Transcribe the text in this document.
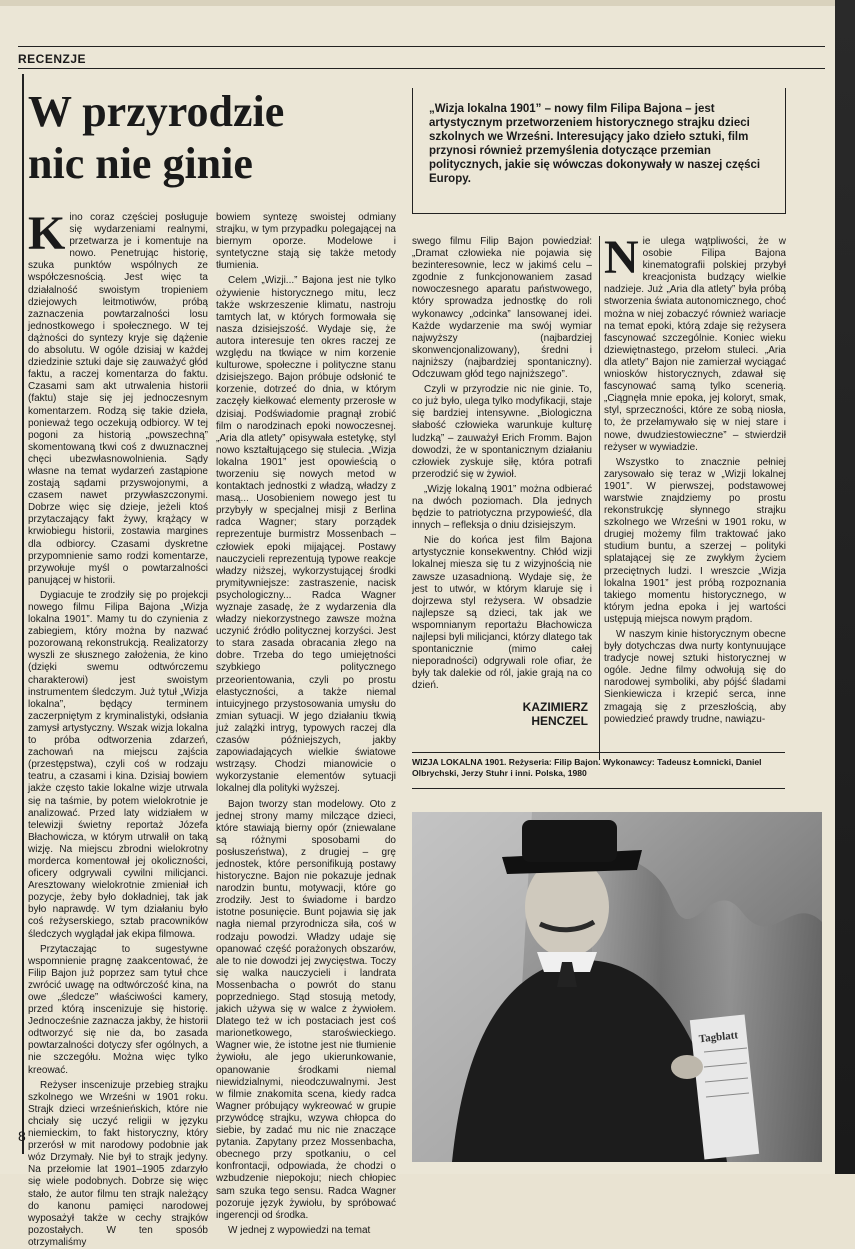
RECENZJE
W przyrodzie
nic nie ginie
„Wizja lokalna 1901” – nowy film Filipa Bajona – jest artystycznym przetworzeniem historycznego strajku dzieci szkolnych we Wrześni. Interesujący jako dzieło sztuki, film przynosi również przemyślenia dotyczące przemian politycznych, jakie się wówczas dokonywały w naszej części Europy.

Kino coraz częściej posługuje się wydarzeniami realnymi, przetwarza je i komentuje na nowo. Penetrując historię, szuka punktów wspólnych ze współczesnością. Jest więc ta działalność swoistym tropieniem dziejowych leitmotiwów, próbą zaznaczenia powtarzalności losu jednostkowego i społecznego. W tej dążności do syntezy kryje się dążenie do absolutu. W ogóle dzisiaj w każdej dziedzinie sztuki daje się zauważyć głód faktu, a raczej komentarza do faktu. Czasami sam akt utrwalenia historii (faktu) staje się jej jednoczesnym komentarzem. Rodzą się takie dzieła, ponieważ tego oczekują odbiorcy. W tej pogoni za historią „powszechną” skomentowaną tkwi coś z dwuznacznej chęci ubezwłasnowolnienia. Sądy własne na temat wydarzeń zastąpione zostają sądami przyswojonymi, a czasem nawet przywłaszczonymi. Dobrze więc się dzieje, jeżeli ktoś przytaczający fakt żywy, krążący w krwiobiegu historii, zostawia margines dla odbiorcy. Czasami dyskretne przypomnienie samo rodzi komentarze, przywołuje myśl o powtarzalności panującej w historii.

Dygiacuje te zrodziły się po projekcji nowego filmu Filipa Bajona „Wizja lokalna 1901”. Mamy tu do czynienia z zabiegiem, który można by nazwać pozorowaną rekonstrukcją. Realizatorzy wyszli ze słusznego założenia, że kino (dzięki swemu odtwórczemu charakterowi) jest swoistym instrumentem śledczym. Już tytuł „Wizja lokalna”, będący terminem zaczerpniętym z kryminalistyki, odsłania zamysł artystyczny. Wszak wizja lokalna to próba odtworzenia zdarzeń, zachowań na miejscu zajścia (przestępstwa), czyli coś w rodzaju teatru, a czasami i kina. Dzisiaj bowiem jakże często takie lokalne wizje utrwala się na taśmie, by potem wielokrotnie je analizować. Przed laty widziałem w telewizji świetny reportaż Józefa Błachowicza, w którym utrwalił on taką wizję. Na miejscu zbrodni wielokrotny morderca komentował jej okoliczności, oficery odgrywali cywilni milicjanci. Aresztowany wielokrotnie zmieniał ich pozycje, żeby było dokładniej, tak jak było naprawdę. W tym działaniu było coś reżyserskiego, sztab pracowników śledczych wyglądał jak ekipa filmowa.

Przytaczając to sugestywne wspomnienie pragnę zaakcentować, że Filip Bajon już poprzez sam tytuł chce zwrócić uwagę na odtwórczość kina, na owe „śledcze” właściwości kamery, przed którą inscenizuje się historię. Jednocześnie zaznacza jakby, że historii odtworzyć się nie da, bo zasada powtarzalności dotyczy sfer ogólnych, a nie szczegółu. Można więc tylko kreować.

Reżyser inscenizuje przebieg strajku szkolnego we Wrześni w 1901 roku. Strajk dzieci wrześnieńskich, które nie chciały się uczyć religii w języku niemieckim, to fakt historyczny, który przerósł w mit narodowy podobnie jak wóz Drzymały. Nie był to strajk jedyny. Na przełomie lat 1901–1905 zdarzyło się wiele podobnych. Dobrze się więc stało, że autor filmu ten strajk należący do kanonu pamięci narodowej wyposażył także w cechy strajków pozostałych. W ten sposób otrzymaliśmy

bowiem syntezę swoistej odmiany strajku, w tym przypadku polegającej na biernym oporze. Modelowe i syntetyczne stają się także metody tłumienia.

Celem „Wizji...” Bajona jest nie tylko ożywienie historycznego mitu, lecz także wskrzeszenie klimatu, nastroju tamtych lat, w których formowała się nasza dzisiejszość. Wydaje się, że autora interesuje ten okres raczej ze względu na tkwiące w nim korzenie kulturowe, społeczne i polityczne stanu dzisiejszego. Bajon próbuje odsłonić te korzenie, dotrzeć do dnia, w którym zaczęły kiełkować elementy przerosłe w dzisiaj. Podświadomie pragnął zrobić film o narodzinach epoki nowoczesnej. „Aria dla atlety” opisywała estetykę, styl nowo kształtującego się stulecia. „Wizja lokalna 1901” jest opowieścią o tworzeniu się nowych metod w kontaktach jednostki z władzą, władzy z masą... Uosobieniem nowego jest tu przybyły w specjalnej misji z Berlina radca Wagner; stary porządek reprezentuje burmistrz Mossenbach – człowiek epoki mijającej. Postawy nauczycieli reprezentują typowe reakcje władzy niższej, wykorzystującej środki prymitywniejsze: zastraszenie, nacisk psychologiczny... Radca Wagner wyznaje zasadę, że z wydarzenia dla władzy niekorzystnego zawsze można uczynić źródło politycznej korzyści. Jest to stara zasada obracania złego na dobre. Trzeba do tego umiejętności szybkiego politycznego przeorientowania, czyli po prostu elastyczności, a także niemal intuicyjnego przystosowania umysłu do zmian sytuacji. W jego działaniu tkwią już zalążki intryg, typowych raczej dla czasów późniejszych, jakby zapowiadających wielkie światowe wstrząsy. Chodzi mianowicie o wykorzystanie elementów sytuacji lokalnej dla polityki wyższej.

Bajon tworzy stan modelowy. Oto z jednej strony mamy milczące dzieci, które stawiają bierny opór (zniewalane są różnymi sposobami do posłuszeństwa), z drugiej – grę jednostek, które personifikują postawy historyczne. Bajon nie pokazuje jednak narodzin buntu, motywacji, które go zrodziły. Jest to świadome i bardzo istotne posunięcie. Bunt pojawia się jak nagła niemal przyrodnicza siła, coś w rodzaju powodzi. Władzy udaje się opanować część porażonych obszarów, ale to nie dowodzi jej zwycięstwa. Toczy się walka nauczycieli i landrata Mossenbacha o powrót do stanu poprzedniego. Stąd stosują metody, jakich używa się w walce z żywiołem. Dlatego też w ich postaciach jest coś marionetkowego, staroświeckiego. Wagner wie, że istotne jest nie tłumienie żywiołu, ale jego ukierunkowanie, opanowanie środkami niemal niewidzialnymi, nieodczuwalnymi. Jest w filmie znakomita scena, kiedy radca Wagner próbujący wykreować w grupie przywódcę strajku, wzywa chłopca do siebie, by zadać mu nic nie znaczące pytania. Zapytany przez Mossenbacha, obecnego przy spotkaniu, o cel konfrontacji, odpowiada, że chodzi o wzbudzenie niepokoju; niech chłopiec sam szuka tego sensu. Radca Wagner pozoruje język żywiołu, by spróbować ingerencji od środka.

W jednej z wypowiedzi na temat

swego filmu Filip Bajon powiedział: „Dramat człowieka nie pojawia się bezinteresownie, lecz w jakimś celu – zgodnie z funkcjonowaniem zasad nowoczesnego aparatu państwowego, który sprowadza jednostkę do roli wykonawcy „odcinka” lansowanej idei. Każde wydarzenie ma swój wymiar najwyższy (najbardziej skonwencjonalizowany), średni i najniższy (najbardziej spontaniczny). Odczuwam głód tego najniższego”.

Czyli w przyrodzie nic nie ginie. To, co już było, ulega tylko modyfikacji, staje się bardziej intensywne. „Biologiczna słabość człowieka warunkuje kulturę ludzką” – zauważył Erich Fromm. Bajon dowodzi, że w spontanicznym działaniu człowiek zyskuje siłę, która potrafi przerodzić się w żywioł.

„Wizję lokalną 1901” można odbierać na dwóch poziomach. Dla jednych będzie to patriotyczna przypowieść, dla innych – refleksja o dniu dzisiejszym.

Nie do końca jest film Bajona artystycznie konsekwentny. Chłód wizji lokalnej miesza się tu z wizyjnością nie zawsze uzasadnioną. Wydaje się, że jest to utwór, w którym klaruje się i dojrzewa styl reżysera. W obsadzie najlepsze są dzieci, tak jak we wspomnianym reportażu Błachowicza najlepsi byli milicjanci, którzy dlatego tak spontanicznie (mimo całej nieporadności) odgrywali role ofiar, że były tak dalekie od ról, jakie grają na co dzień.

KAZIMIERZ
HENCZEL

Nie ulega wątpliwości, że w osobie Filipa Bajona kinematografii polskiej przybył kreacjonista budzący wielkie nadzieje. Już „Aria dla atlety” była próbą stworzenia świata autonomicznego, choć można w niej zobaczyć również wariacje na temat epoki, którą zdaje się reżysera fascynować szczególnie. Koniec wieku dziewiętnastego, przełom stuleci. „Aria dla atlety” Bajon nie zamierzał wyciągać wniosków historycznych, zdawał się fascynować samą tylko scenerią. „Ciągnęła mnie epoka, jej koloryt, smak, styl, sprzeczności, które ze sobą niosła, to, że przełamywało się w niej stare i nowe, dwudziestowieczne” – stwierdził reżyser w wywiadzie.

Wszystko to znacznie pełniej zarysowało się teraz w „Wizji lokalnej 1901”. W pierwszej, podstawowej warstwie znajdziemy po prostu rekonstrukcję słynnego strajku szkolnego we Wrześni w 1901 roku, w drugiej możemy film traktować jako studium buntu, a szerzej – polityki splatającej się ze zwykłym życiem przeciętnych ludzi. I wreszcie „Wizja lokalna 1901” jest próbą rozpoznania takiego momentu historycznego, w którym jedna epoka i jej wartości ustępują miejsca nowym prądom.

W naszym kinie historycznym obecne były dotychczas dwa nurty kontynuujące tradycje nowej sztuki historycznej w ogóle. Jedne filmy odwołują się do narodowej symboliki, aby pójść śladami Sienkiewicza i krzepić serca, inne zmagają się z przeszłością, aby powiedzieć prawdy trudne, nawiązu-

WIZJA LOKALNA 1901. Reżyseria: Filip Bajon. Wykonawcy: Tadeusz Łomnicki, Daniel Olbrychski, Jerzy Stuhr i inni. Polska, 1980
Tagblatt
8
